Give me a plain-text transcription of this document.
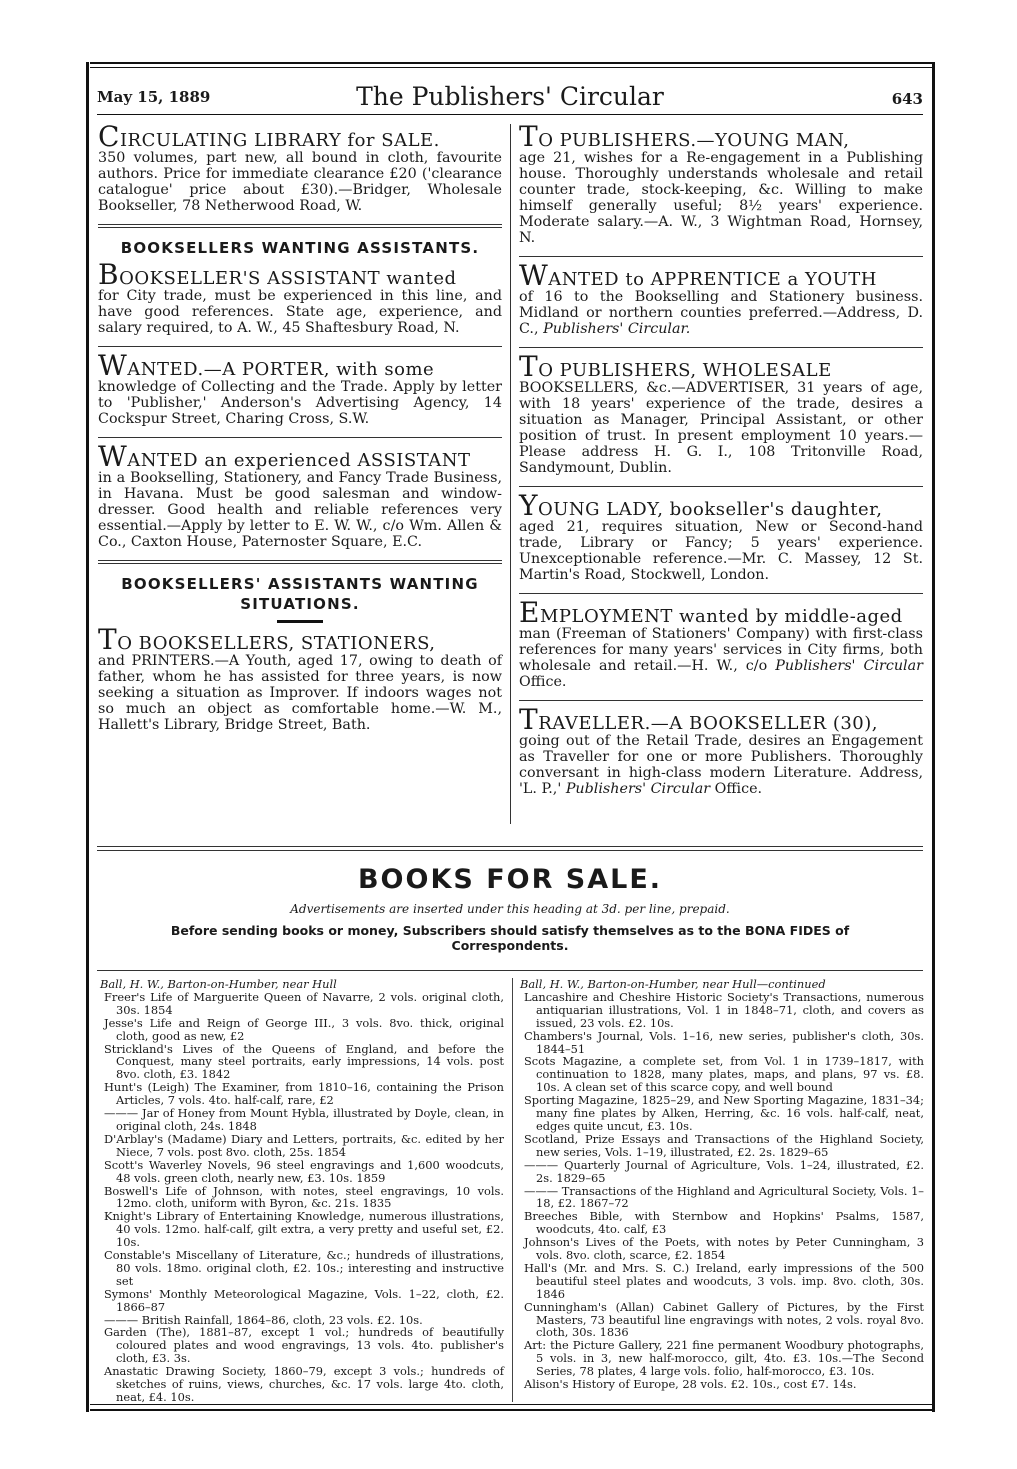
May 15, 1889	The Publishers' Circular	643
CIRCULATING LIBRARY for SALE.
350 volumes, part new, all bound in cloth, favourite authors. Price for immediate clearance £20 ('clearance catalogue' price about £30).—Bridger, Wholesale Bookseller, 78 Netherwood Road, W.
BOOKSELLERS WANTING ASSISTANTS.
BOOKSELLER'S ASSISTANT wanted
for City trade, must be experienced in this line, and have good references. State age, experience, and salary required, to A. W., 45 Shaftesbury Road, N.
WANTED.—A PORTER, with some
knowledge of Collecting and the Trade. Apply by letter to 'Publisher,' Anderson's Advertising Agency, 14 Cockspur Street, Charing Cross, S.W.
WANTED an experienced ASSISTANT
in a Bookselling, Stationery, and Fancy Trade Business, in Havana. Must be good salesman and window-dresser. Good health and reliable references very essential.—Apply by letter to E. W. W., c/o Wm. Allen & Co., Caxton House, Paternoster Square, E.C.
BOOKSELLERS' ASSISTANTS WANTING SITUATIONS.
TO BOOKSELLERS, STATIONERS,
and PRINTERS.—A Youth, aged 17, owing to death of father, whom he has assisted for three years, is now seeking a situation as Improver. If indoors wages not so much an object as comfortable home.—W. M., Hallett's Library, Bridge Street, Bath.
TO PUBLISHERS.—YOUNG MAN,
age 21, wishes for a Re-engagement in a Publishing house. Thoroughly understands wholesale and retail counter trade, stock-keeping, &c. Willing to make himself generally useful; 8½ years' experience. Moderate salary.—A. W., 3 Wightman Road, Hornsey, N.
WANTED to APPRENTICE a YOUTH
of 16 to the Bookselling and Stationery business. Midland or northern counties preferred.—Address, D. C., Publishers' Circular.
TO PUBLISHERS, WHOLESALE
BOOKSELLERS, &c.—ADVERTISER, 31 years of age, with 18 years' experience of the trade, desires a situation as Manager, Principal Assistant, or other position of trust. In present employment 10 years.—Please address H. G. I., 108 Tritonville Road, Sandymount, Dublin.
YOUNG LADY, bookseller's daughter,
aged 21, requires situation, New or Second-hand trade, Library or Fancy; 5 years' experience. Unexceptionable reference.—Mr. C. Massey, 12 St. Martin's Road, Stockwell, London.
EMPLOYMENT wanted by middle-aged
man (Freeman of Stationers' Company) with first-class references for many years' services in City firms, both wholesale and retail.—H. W., c/o Publishers' Circular Office.
TRAVELLER.—A BOOKSELLER (30),
going out of the Retail Trade, desires an Engagement as Traveller for one or more Publishers. Thoroughly conversant in high-class modern Literature. Address, 'L. P.,' Publishers' Circular Office.
BOOKS FOR SALE.
Advertisements are inserted under this heading at 3d. per line, prepaid.
Before sending books or money, Subscribers should satisfy themselves as to the BONA FIDES of Correspondents.
Ball, H. W., Barton-on-Humber, near Hull
Freer's Life of Marguerite Queen of Navarre, 2 vols. original cloth, 30s. 1854
Jesse's Life and Reign of George III., 3 vols. 8vo. thick, original cloth, good as new, £2
Strickland's Lives of the Queens of England, and before the Conquest, many steel portraits, early impressions, 14 vols. post 8vo. cloth, £3. 1842
Hunt's (Leigh) The Examiner, from 1810–16, containing the Prison Articles, 7 vols. 4to. half-calf, rare, £2
——— Jar of Honey from Mount Hybla, illustrated by Doyle, clean, in original cloth, 24s. 1848
D'Arblay's (Madame) Diary and Letters, portraits, &c. edited by her Niece, 7 vols. post 8vo. cloth, 25s. 1854
Scott's Waverley Novels, 96 steel engravings and 1,600 woodcuts, 48 vols. green cloth, nearly new, £3. 10s. 1859
Boswell's Life of Johnson, with notes, steel engravings, 10 vols. 12mo. cloth, uniform with Byron, &c. 21s. 1835
Knight's Library of Entertaining Knowledge, numerous illustrations, 40 vols. 12mo. half-calf, gilt extra, a very pretty and useful set, £2. 10s.
Constable's Miscellany of Literature, &c.; hundreds of illustrations, 80 vols. 18mo. original cloth, £2. 10s.; interesting and instructive set
Symons' Monthly Meteorological Magazine, Vols. 1–22, cloth, £2. 1866–87
——— British Rainfall, 1864–86, cloth, 23 vols. £2. 10s.
Garden (The), 1881–87, except 1 vol.; hundreds of beautifully coloured plates and wood engravings, 13 vols. 4to. publisher's cloth, £3. 3s.
Anastatic Drawing Society, 1860–79, except 3 vols.; hundreds of sketches of ruins, views, churches, &c. 17 vols. large 4to. cloth, neat, £4. 10s.
Ball, H. W., Barton-on-Humber, near Hull—continued
Lancashire and Cheshire Historic Society's Transactions, numerous antiquarian illustrations, Vol. 1 in 1848–71, cloth, and covers as issued, 23 vols. £2. 10s.
Chambers's Journal, Vols. 1–16, new series, publisher's cloth, 30s. 1844–51
Scots Magazine, a complete set, from Vol. 1 in 1739–1817, with continuation to 1828, many plates, maps, and plans, 97 vs. £8. 10s. A clean set of this scarce copy, and well bound
Sporting Magazine, 1825–29, and New Sporting Magazine, 1831–34; many fine plates by Alken, Herring, &c. 16 vols. half-calf, neat, edges quite uncut, £3. 10s.
Scotland, Prize Essays and Transactions of the Highland Society, new series, Vols. 1–19, illustrated, £2. 2s. 1829–65
——— Quarterly Journal of Agriculture, Vols. 1–24, illustrated, £2. 2s. 1829–65
——— Transactions of the Highland and Agricultural Society, Vols. 1–18, £2. 1867–72
Breeches Bible, with Sternbow and Hopkins' Psalms, 1587, woodcuts, 4to. calf, £3
Johnson's Lives of the Poets, with notes by Peter Cunningham, 3 vols. 8vo. cloth, scarce, £2. 1854
Hall's (Mr. and Mrs. S. C.) Ireland, early impressions of the 500 beautiful steel plates and woodcuts, 3 vols. imp. 8vo. cloth, 30s. 1846
Cunningham's (Allan) Cabinet Gallery of Pictures, by the First Masters, 73 beautiful line engravings with notes, 2 vols. royal 8vo. cloth, 30s. 1836
Art: the Picture Gallery, 221 fine permanent Woodbury photographs, 5 vols. in 3, new half-morocco, gilt, 4to. £3. 10s.—The Second Series, 78 plates, 4 large vols. folio, half-morocco, £3. 10s.
Alison's History of Europe, 28 vols. £2. 10s., cost £7. 14s.
